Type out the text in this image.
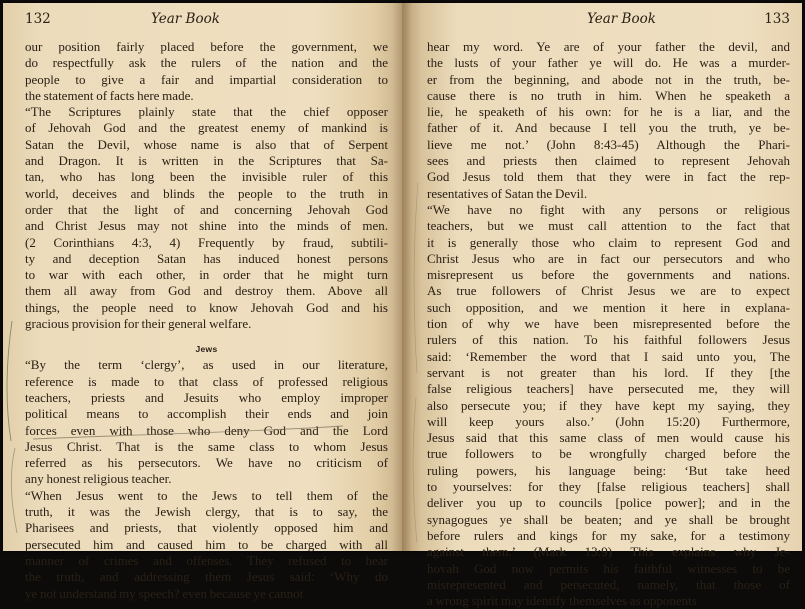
132	Year Book
our position fairly placed before the government, we
do respectfully ask the rulers of the nation and the
people to give a fair and impartial consideration to
the statement of facts here made.
“The Scriptures plainly state that the chief opposer
of Jehovah God and the greatest enemy of mankind is
Satan the Devil, whose name is also that of Serpent
and Dragon. It is written in the Scriptures that Sa-
tan, who has long been the invisible ruler of this
world, deceives and blinds the people to the truth in
order that the light of and concerning Jehovah God
and Christ Jesus may not shine into the minds of men.
(2 Corinthians 4:3, 4) Frequently by fraud, subtili-
ty and deception Satan has induced honest persons
to war with each other, in order that he might turn
them all away from God and destroy them. Above all
things, the people need to know Jehovah God and his
gracious provision for their general welfare.
Jews
“By the term ‘clergy’, as used in our literature,
reference is made to that class of professed religious
teachers, priests and Jesuits who employ improper
political means to accomplish their ends and join
forces even with those who deny God and the Lord
Jesus Christ. That is the same class to whom Jesus
referred as his persecutors. We have no criticism of
any honest religious teacher.
“When Jesus went to the Jews to tell them of the
truth, it was the Jewish clergy, that is to say, the
Pharisees and priests, that violently opposed him and
persecuted him and caused him to be charged with all
manner of crimes and offenses. They refused to hear
the truth, and addressing them Jesus said: ‘Why do
ye not understand my speech? even because ye cannot
Year Book	133
hear my word. Ye are of your father the devil, and
the lusts of your father ye will do. He was a murder-
er from the beginning, and abode not in the truth, be-
cause there is no truth in him. When he speaketh a
lie, he speaketh of his own: for he is a liar, and the
father of it. And because I tell you the truth, ye be-
lieve me not.’ (John 8:43-45) Although the Phari-
sees and priests then claimed to represent Jehovah
God Jesus told them that they were in fact the rep-
resentatives of Satan the Devil.
“We have no fight with any persons or religious
teachers, but we must call attention to the fact that
it is generally those who claim to represent God and
Christ Jesus who are in fact our persecutors and who
misrepresent us before the governments and nations.
As true followers of Christ Jesus we are to expect
such opposition, and we mention it here in explana-
tion of why we have been misrepresented before the
rulers of this nation. To his faithful followers Jesus
said: ‘Remember the word that I said unto you, The
servant is not greater than his lord. If they [the
false religious teachers] have persecuted me, they will
also persecute you; if they have kept my saying, they
will keep yours also.’ (John 15:20) Furthermore,
Jesus said that this same class of men would cause his
true followers to be wrongfully charged before the
ruling powers, his language being: ‘But take heed
to yourselves: for they [false religious teachers] shall
deliver you up to councils [police power]; and in the
synagogues ye shall be beaten; and ye shall be brought
before rulers and kings for my sake, for a testimony
against them.’ (Mark 13:9) This explains why Je-
hovah God now permits his faithful witnesses to be
misrepresented and persecuted, namely, that those of
a wrong spirit may identify themselves as opponents
